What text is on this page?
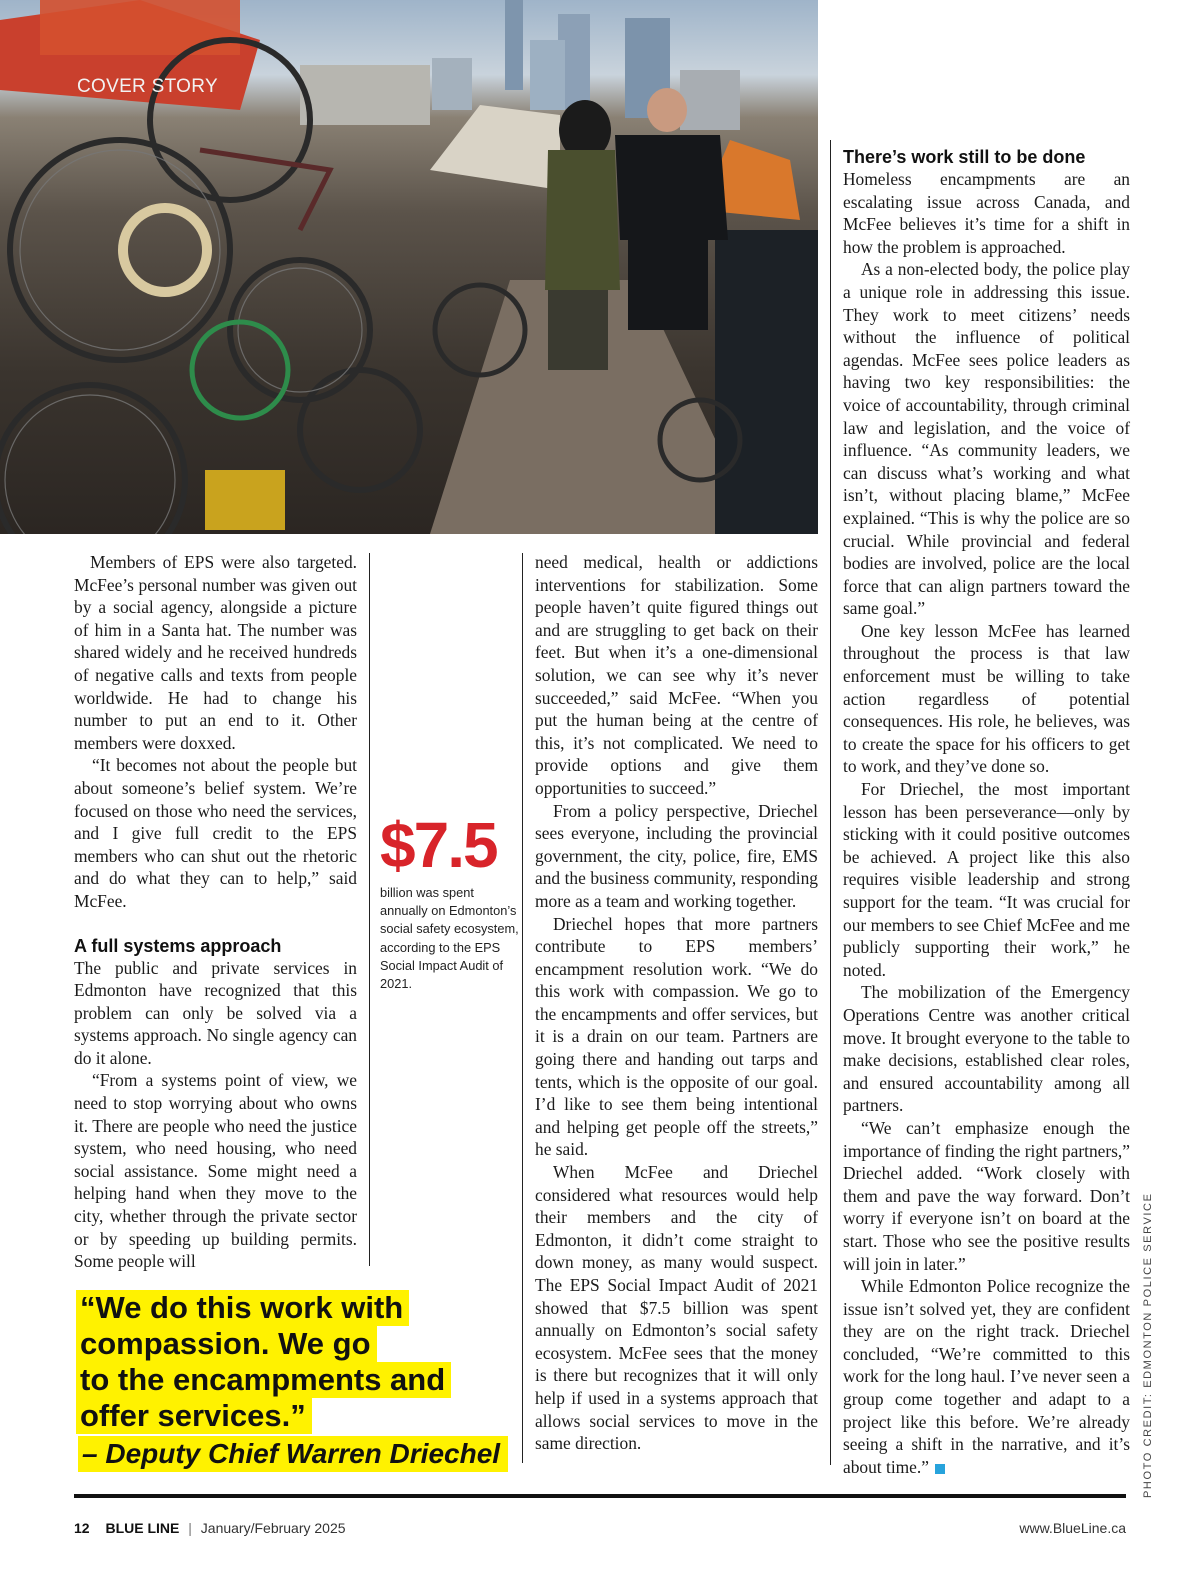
COVER STORY

Members of EPS were also targeted. McFee’s personal number was given out by a social agency, alongside a picture of him in a Santa hat. The number was shared widely and he received hundreds of negative calls and texts from people worldwide. He had to change his number to put an end to it. Other members were doxxed.

“It becomes not about the people but about someone’s belief system. We’re focused on those who need the services, and I give full credit to the EPS members who can shut out the rhetoric and do what they can to help,” said McFee.

A full systems approach

The public and private services in Edmonton have recognized that this problem can only be solved via a systems approach. No single agency can do it alone.

“From a systems point of view, we need to stop worrying about who owns it. There are people who need the justice system, who need housing, who need social assistance. Some might need a helping hand when they move to the city, whether through the private sector or by speeding up building permits. Some people will

$7.5
billion was spent annually on Edmonton’s social safety ecosystem, according to the EPS Social Impact Audit of 2021.

need medical, health or addictions interventions for stabilization. Some people haven’t quite figured things out and are struggling to get back on their feet. But when it’s a one-dimensional solution, we can see why it’s never succeeded,” said McFee. “When you put the human being at the centre of this, it’s not complicated. We need to provide options and give them opportunities to succeed.”

From a policy perspective, Driechel sees everyone, including the provincial government, the city, police, fire, EMS and the business community, responding more as a team and working together.

Driechel hopes that more partners contribute to EPS members’ encampment resolution work. “We do this work with compassion. We go to the encampments and offer services, but it is a drain on our team. Partners are going there and handing out tarps and tents, which is the opposite of our goal. I’d like to see them being intentional and helping get people off the streets,” he said.

When McFee and Driechel considered what resources would help their members and the city of Edmonton, it didn’t come straight to down money, as many would suspect. The EPS Social Impact Audit of 2021 showed that $7.5 billion was spent annually on Edmonton’s social safety ecosystem. McFee sees that the money is there but recognizes that it will only help if used in a systems approach that allows social services to move in the same direction.

There’s work still to be done

Homeless encampments are an escalating issue across Canada, and McFee believes it’s time for a shift in how the problem is approached.

As a non-elected body, the police play a unique role in addressing this issue. They work to meet citizens’ needs without the influence of political agendas. McFee sees police leaders as having two key responsibilities: the voice of accountability, through criminal law and legislation, and the voice of influence. “As community leaders, we can discuss what’s working and what isn’t, without placing blame,” McFee explained. “This is why the police are so crucial. While provincial and federal bodies are involved, police are the local force that can align partners toward the same goal.”

One key lesson McFee has learned throughout the process is that law enforcement must be willing to take action regardless of potential consequences. His role, he believes, was to create the space for his officers to get to work, and they’ve done so.

For Driechel, the most important lesson has been perseverance—only by sticking with it could positive outcomes be achieved. A project like this also requires visible leadership and strong support for the team. “It was crucial for our members to see Chief McFee and me publicly supporting their work,” he noted.

The mobilization of the Emergency Operations Centre was another critical move. It brought everyone to the table to make decisions, established clear roles, and ensured accountability among all partners.

“We can’t emphasize enough the importance of finding the right partners,” Driechel added. “Work closely with them and pave the way forward. Don’t worry if everyone isn’t on board at the start. Those who see the positive results will join in later.”

While Edmonton Police recognize the issue isn’t solved yet, they are confident they are on the right track. Driechel concluded, “We’re committed to this work for the long haul. I’ve never seen a group come together and adapt to a project like this before. We’re already seeing a shift in the narrative, and it’s about time.”

“We do this work with
compassion. We go
to the encampments and
offer services.”
– Deputy Chief Warren Driechel	PHOTO CREDIT: EDMONTON POLICE SERVICE
12 BLUE LINE | January/February 2025	www.BlueLine.ca
